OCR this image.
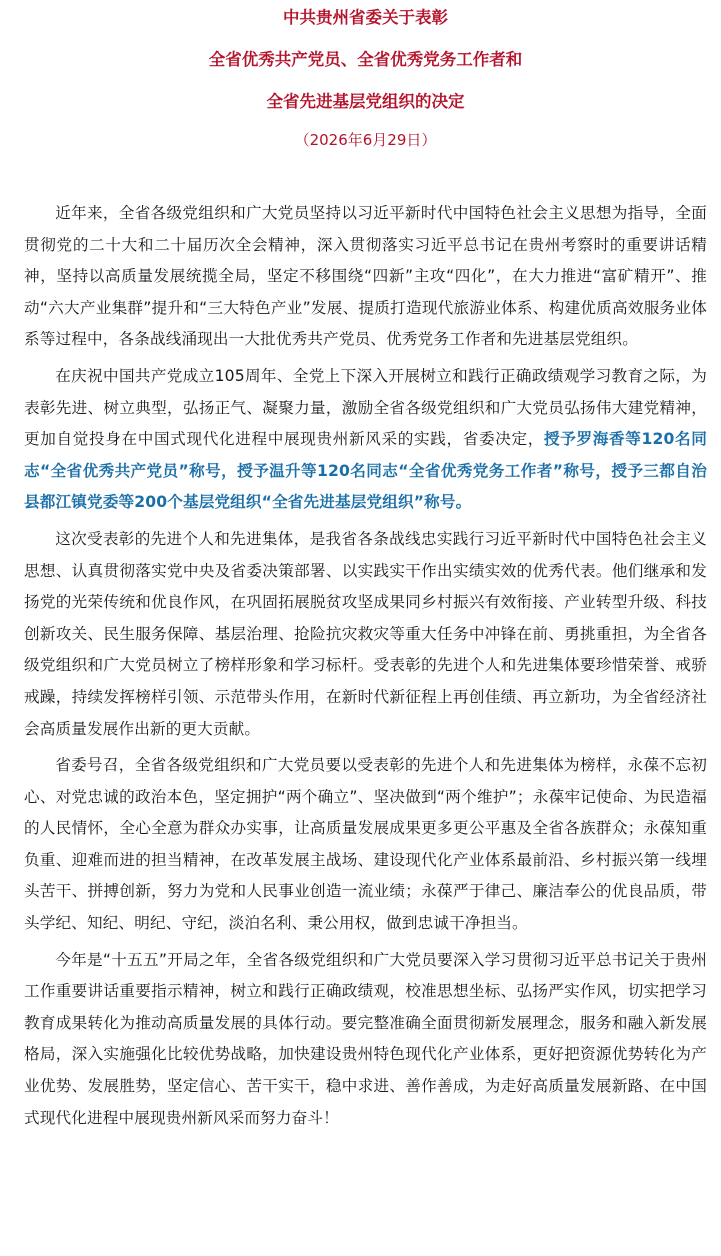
中共贵州省委关于表彰

全省优秀共产党员、全省优秀党务工作者和

全省先进基层党组织的决定

（2026年6月29日）

近年来，全省各级党组织和广大党员坚持以习近平新时代中国特色社会主义思想为指导，全面贯彻党的二十大和二十届历次全会精神，深入贯彻落实习近平总书记在贵州考察时的重要讲话精神，坚持以高质量发展统揽全局，坚定不移围绕“四新”主攻“四化”，在大力推进“富矿精开”、推动“六大产业集群”提升和“三大特色产业”发展、提质打造现代旅游业体系、构建优质高效服务业体系等过程中，各条战线涌现出一大批优秀共产党员、优秀党务工作者和先进基层党组织。

在庆祝中国共产党成立105周年、全党上下深入开展树立和践行正确政绩观学习教育之际，为表彰先进、树立典型，弘扬正气、凝聚力量，激励全省各级党组织和广大党员弘扬伟大建党精神，更加自觉投身在中国式现代化进程中展现贵州新风采的实践，省委决定，授予罗海香等120名同志“全省优秀共产党员”称号，授予温升等120名同志“全省优秀党务工作者”称号，授予三都自治县都江镇党委等200个基层党组织“全省先进基层党组织”称号。

这次受表彰的先进个人和先进集体，是我省各条战线忠实践行习近平新时代中国特色社会主义思想、认真贯彻落实党中央及省委决策部署、以实践实干作出实绩实效的优秀代表。他们继承和发扬党的光荣传统和优良作风，在巩固拓展脱贫攻坚成果同乡村振兴有效衔接、产业转型升级、科技创新攻关、民生服务保障、基层治理、抢险抗灾救灾等重大任务中冲锋在前、勇挑重担，为全省各级党组织和广大党员树立了榜样形象和学习标杆。受表彰的先进个人和先进集体要珍惜荣誉、戒骄戒躁，持续发挥榜样引领、示范带头作用，在新时代新征程上再创佳绩、再立新功，为全省经济社会高质量发展作出新的更大贡献。

省委号召，全省各级党组织和广大党员要以受表彰的先进个人和先进集体为榜样，永葆不忘初心、对党忠诚的政治本色，坚定拥护“两个确立”、坚决做到“两个维护”；永葆牢记使命、为民造福的人民情怀，全心全意为群众办实事，让高质量发展成果更多更公平惠及全省各族群众；永葆知重负重、迎难而进的担当精神，在改革发展主战场、建设现代化产业体系最前沿、乡村振兴第一线埋头苦干、拼搏创新，努力为党和人民事业创造一流业绩；永葆严于律己、廉洁奉公的优良品质，带头学纪、知纪、明纪、守纪，淡泊名利、秉公用权，做到忠诚干净担当。

今年是“十五五”开局之年，全省各级党组织和广大党员要深入学习贯彻习近平总书记关于贵州工作重要讲话重要指示精神，树立和践行正确政绩观，校准思想坐标、弘扬严实作风，切实把学习教育成果转化为推动高质量发展的具体行动。要完整准确全面贯彻新发展理念，服务和融入新发展格局，深入实施强化比较优势战略，加快建设贵州特色现代化产业体系，更好把资源优势转化为产业优势、发展胜势，坚定信心、苦干实干，稳中求进、善作善成，为走好高质量发展新路、在中国式现代化进程中展现贵州新风采而努力奋斗！
